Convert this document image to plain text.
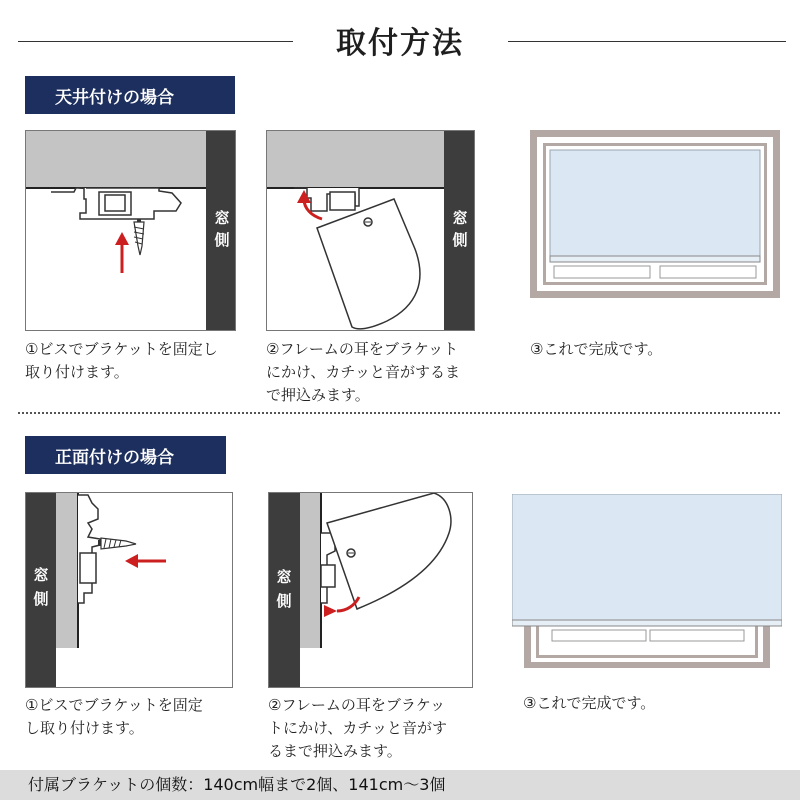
取付方法
天井付けの場合
窓
側
①ビスでブラケットを固定し
取り付けます。
窓
側
②フレームの耳をブラケット
にかけ、カチッと音がするま
で押込みます。
③これで完成です。
正面付けの場合
窓
側
①ビスでブラケットを固定
し取り付けます。
窓
側
②フレームの耳をブラケッ
トにかけ、カチッと音がす
るまで押込みます。
③これで完成です。
付属ブラケットの個数：140cm幅まで2個、141cm〜3個
